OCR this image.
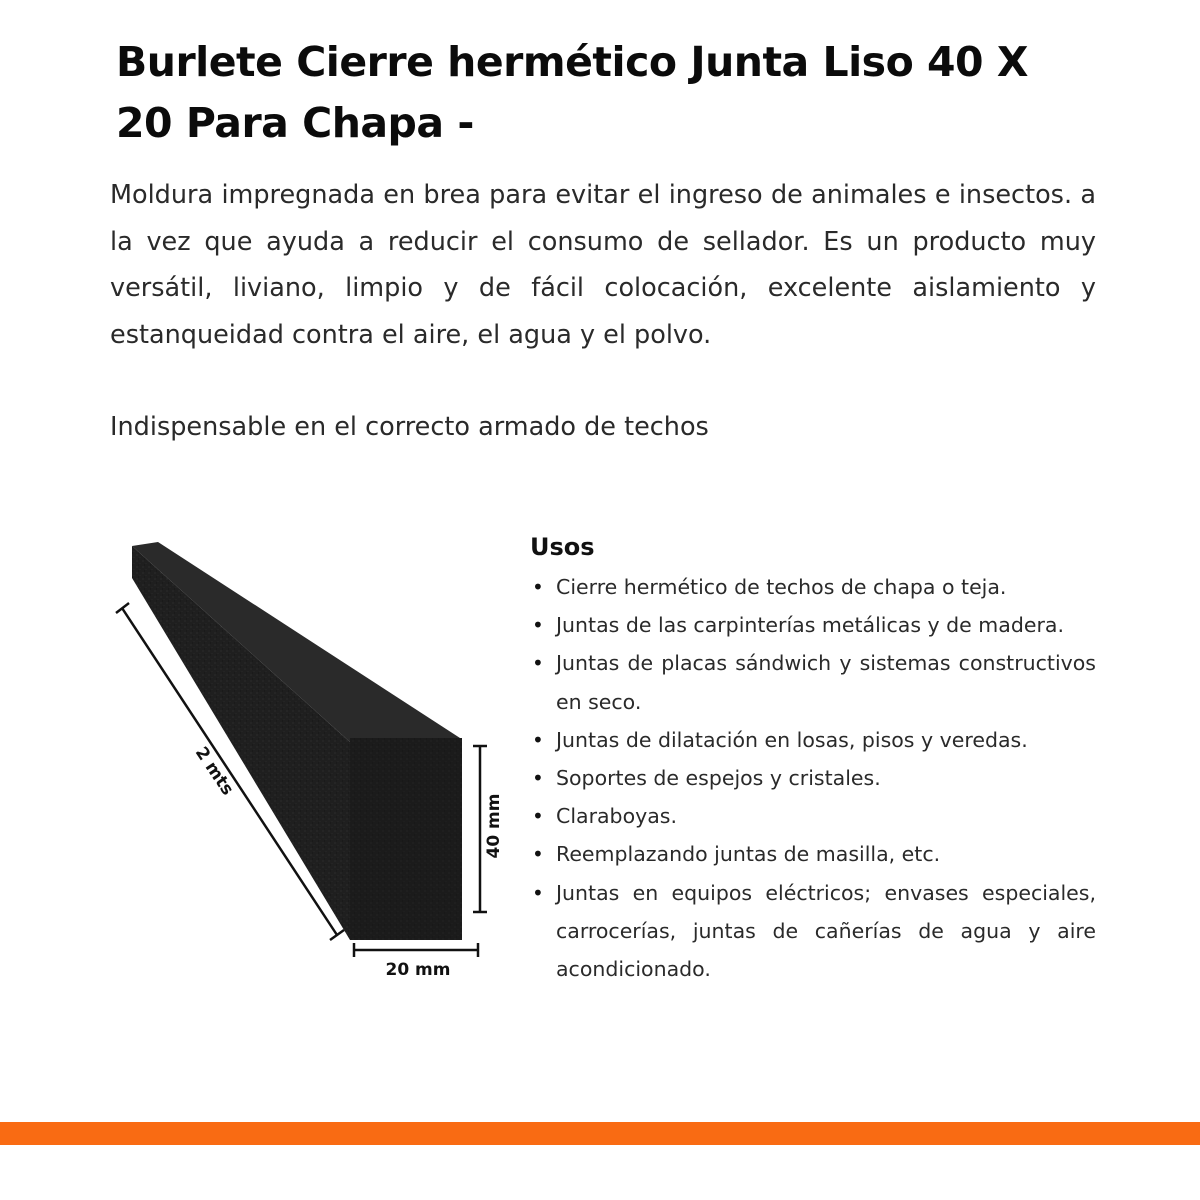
Burlete Cierre hermético Junta Liso 40 X 20 Para Chapa -

Moldura impregnada en brea para evitar el ingreso de animales e insectos. a la vez que ayuda a reducir el consumo de sellador. Es un producto muy versátil, liviano, limpio y de fácil colocación, excelente aislamiento y estanqueidad contra el aire, el agua y el polvo.

Indispensable en el correcto armado de techos

2 mts
40 mm
20 mm
Usos
• Cierre hermético de techos de chapa o teja.
• Juntas de las carpinterías metálicas y de madera.
• Juntas de placas sándwich y sistemas constructivos en seco.
• Juntas de dilatación en losas, pisos y veredas.
• Soportes de espejos y cristales.
• Claraboyas.
• Reemplazando juntas de masilla, etc.
• Juntas en equipos eléctricos; envases especiales, carrocerías, juntas de cañerías de agua y aire acondicionado.
